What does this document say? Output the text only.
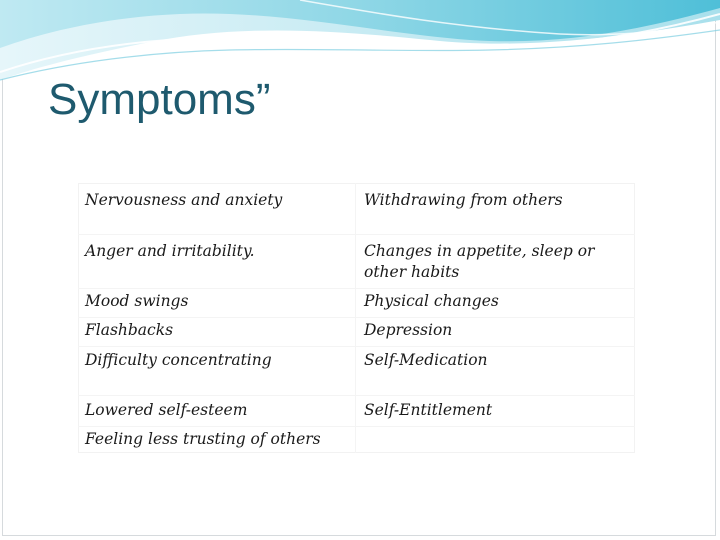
Symptoms”
Nervousness and anxiety
Anger and irritability.
Mood swings
Flashbacks
Difficulty concentrating
Lowered self-esteem
Feeling less trusting of others
Withdrawing from others
Changes in appetite, sleep or
other habits
Physical changes
Depression
Self-Medication
Self-Entitlement
